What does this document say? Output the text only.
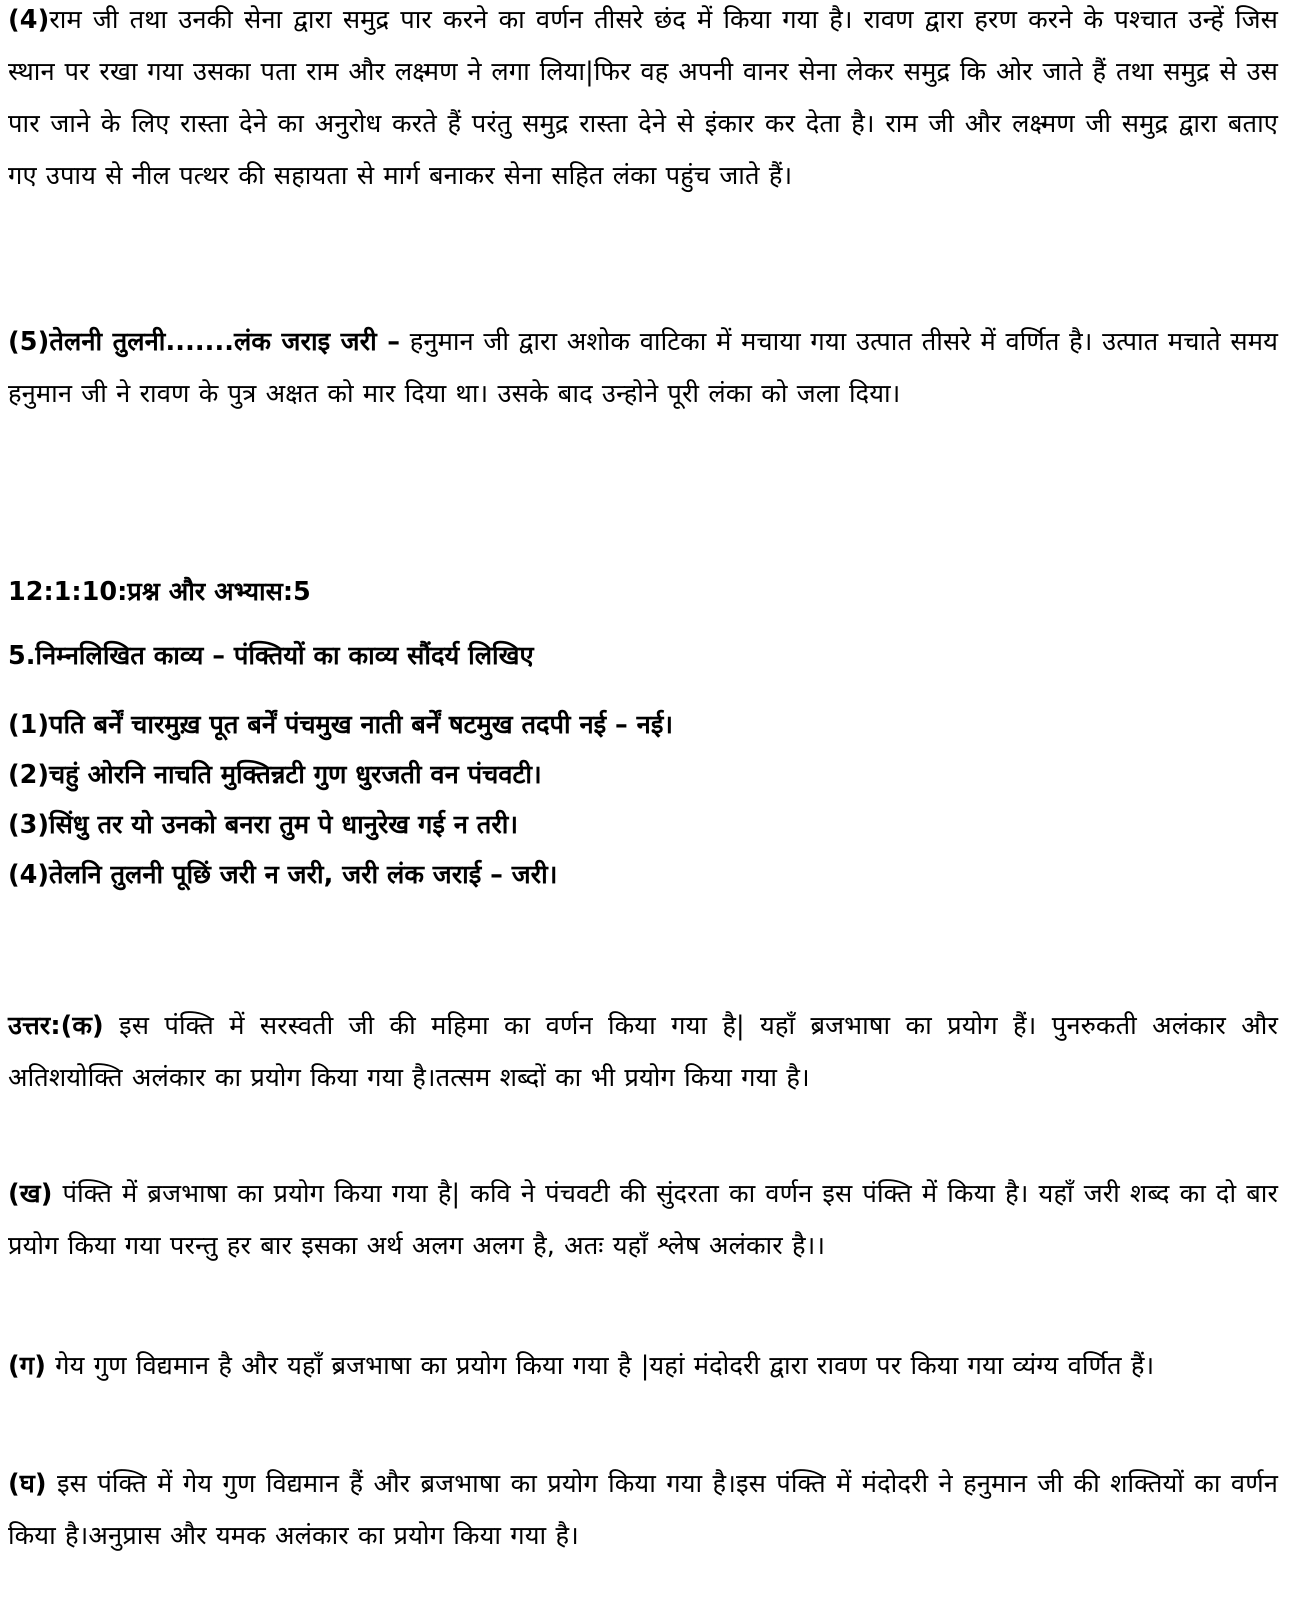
(4)राम जी तथा उनकी सेना द्वारा समुद्र पार करने का वर्णन तीसरे छंद में किया गया है। रावण द्वारा हरण करने के पश्चात उन्हें जिस स्थान पर रखा गया उसका पता राम और लक्ष्मण ने लगा लिया|फिर वह अपनी वानर सेना लेकर समुद्र कि ओर जाते हैं तथा समुद्र से उस पार जाने के लिए रास्ता देने का अनुरोध करते हैं परंतु समुद्र रास्ता देने से इंकार कर देता है। राम जी और लक्ष्मण जी समुद्र द्वारा बताए गए उपाय से नील पत्थर की सहायता से मार्ग बनाकर सेना सहित लंका पहुंच जाते हैं।

(5)तेलनी तुलनी.......लंक जराइ जरी – हनुमान जी द्वारा अशोक वाटिका में मचाया गया उत्पात तीसरे में वर्णित है। उत्पात मचाते समय हनुमान जी ने रावण के पुत्र अक्षत को मार दिया था। उसके बाद उन्होने पूरी लंका को जला दिया।

12:1:10:प्रश्न और अभ्यास:5
5.निम्नलिखित काव्य – पंक्तियों का काव्य सौंदर्य लिखिए
(1)पति बर्नें चारमुख़ पूत बर्नें पंचमुख नाती बर्नें षटमुख तदपी नई – नई।
(2)चहुं ओरनि नाचति मुक्तिन्नटी गुण धुरजती वन पंचवटी।
(3)सिंधु तर यो उनको बनरा तुम पे धानुरेख गई न तरी।
(4)तेलनि तुलनी पूछिं जरी न जरी, जरी लंक जराई – जरी।

उत्तर:(क) इस पंक्ति में सरस्वती जी की महिमा का वर्णन किया गया है| यहाँ ब्रजभाषा का प्रयोग हैं। पुनरुकती अलंकार और अतिशयोक्ति अलंकार का प्रयोग किया गया है।तत्सम शब्दों का भी प्रयोग किया गया है।

(ख) पंक्ति में ब्रजभाषा का प्रयोग किया गया है| कवि ने पंचवटी की सुंदरता का वर्णन इस पंक्ति में किया है। यहाँ जरी शब्द का दो बार प्रयोग किया गया परन्तु हर बार इसका अर्थ अलग अलग है, अतः यहाँ श्लेष अलंकार है।।

(ग) गेय गुण विद्यमान है और यहाँ ब्रजभाषा का प्रयोग किया गया है |यहां मंदोदरी द्वारा रावण पर किया गया व्यंग्य वर्णित हैं।

(घ) इस पंक्ति में गेय गुण विद्यमान हैं और ब्रजभाषा का प्रयोग किया गया है।इस पंक्ति में मंदोदरी ने हनुमान जी की शक्तियों का वर्णन किया है।अनुप्रास और यमक अलंकार का प्रयोग किया गया है।
